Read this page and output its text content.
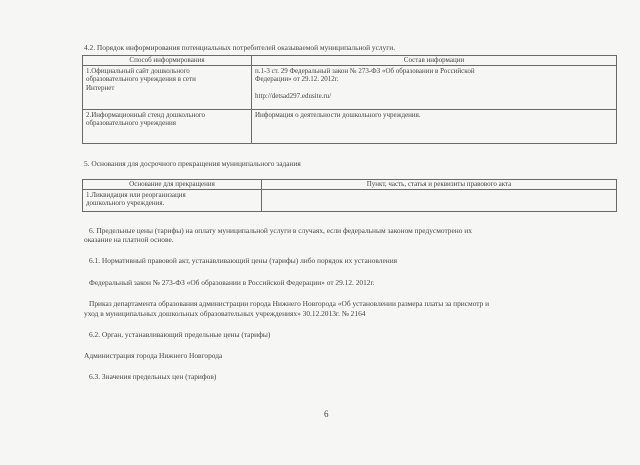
4.2. Порядок информирования потенциальных потребителей оказываемой муниципальной услуги.
Способ информирования	Состав информации

1.Официальный сайт дошкольного
образовательного учреждения в сети
Интернет	п.1-3 ст. 29 Федеральный закон № 273-ФЗ «Об образовании в Российской
Федерации» от 29.12. 2012г.
http://detsad297.edusite.ru/

2.Информационный стенд дошкольного
образовательного учреждения	Информация о деятельности дошкольного учреждения.
5. Основания для досрочного прекращения муниципального задания
Основание для прекращения	Пункт, часть, статья и реквизиты правового акта

1.Ликвидация или реорганизация
дошкольного учреждения.	

6. Предельные цены (тарифы) на оплату муниципальной услуги в случаях, если федеральным законом предусмотрено их
оказание на платной основе.
6.1. Нормативный правовой акт, устанавливающий цены (тарифы) либо порядок их установления
Федеральный закон № 273-ФЗ «Об образовании в Российской Федерации» от 29.12. 2012г.
Приказ департамента образования администрации города Нижнего Новгорода «Об установлении размера платы за присмотр и
уход в муниципальных дошкольных образовательных учреждениях» 30.12.2013г. № 2164
6.2. Орган, устанавливающий предельные цены (тарифы)
Администрация города Нижнего Новгорода
6.3. Значения предельных цен (тарифов)
6
